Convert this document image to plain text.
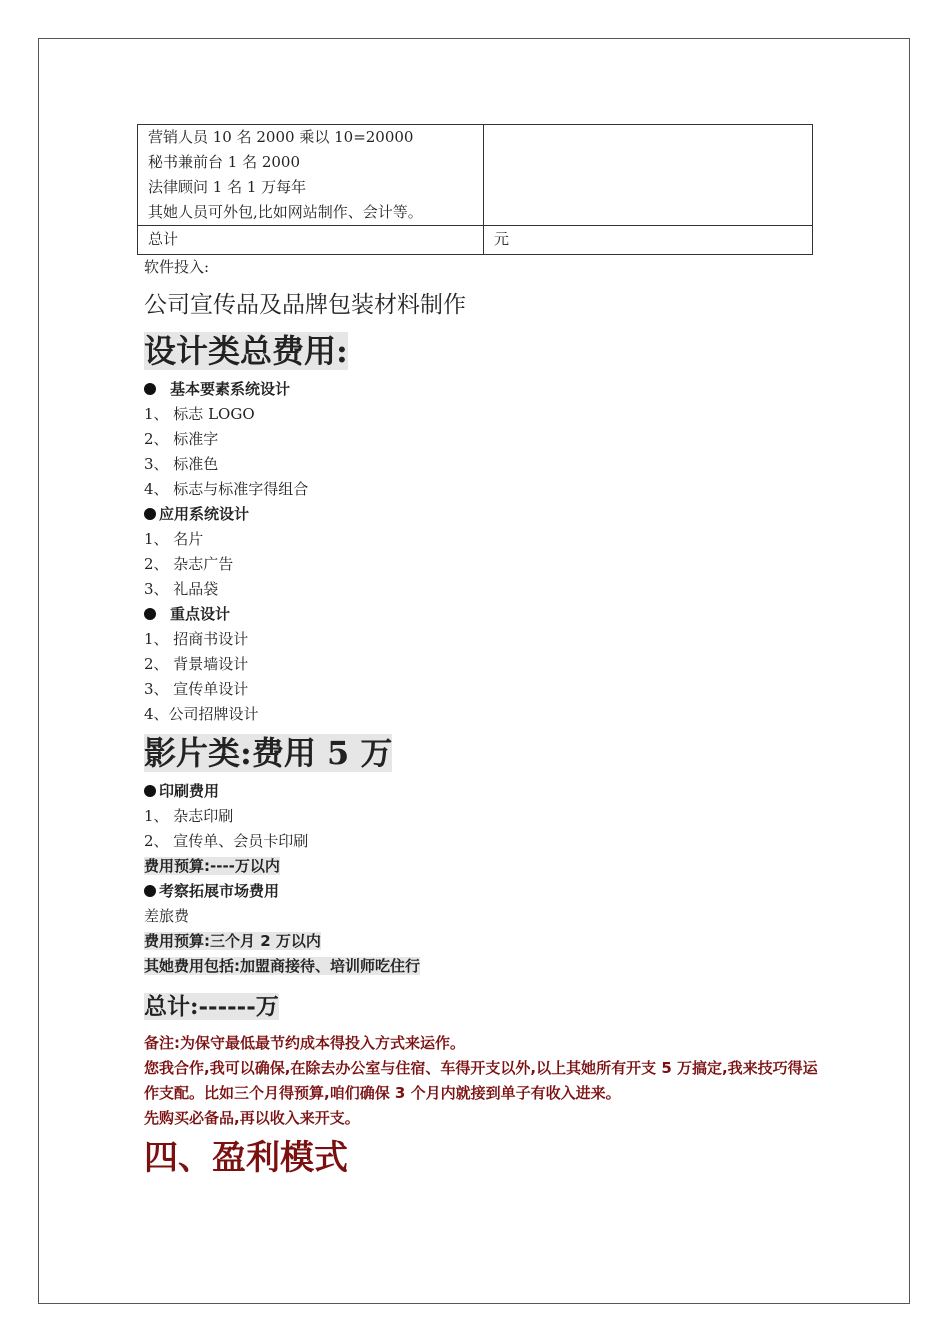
营销人员 10 名 2000 乘以 10=20000
秘书兼前台 1 名 2000
法律顾问 1 名 1 万每年
其她人员可外包,比如网站制作、会计等。	

总计	元
软件投入:
公司宣传品及品牌包装材料制作
设计类总费用:
基本要素系统设计
1、 标志 LOGO
2、 标准字
3、 标准色
4、 标志与标准字得组合
应用系统设计
1、 名片
2、 杂志广告
3、 礼品袋
重点设计
1、 招商书设计
2、 背景墙设计
3、 宣传单设计
4、公司招牌设计
影片类:费用 5 万
印刷费用
1、 杂志印刷
2、 宣传单、会员卡印刷
费用预算:----万以内
考察拓展市场费用
差旅费
费用预算:三个月 2 万以内
其她费用包括:加盟商接待、培训师吃住行
总计:------万
备注:为保守最低最节约成本得投入方式来运作。
您我合作,我可以确保,在除去办公室与住宿、车得开支以外,以上其她所有开支 5 万搞定,我来技巧得运作支配。比如三个月得预算,咱们确保 3 个月内就接到单子有收入进来。
先购买必备品,再以收入来开支。
四、盈利模式
